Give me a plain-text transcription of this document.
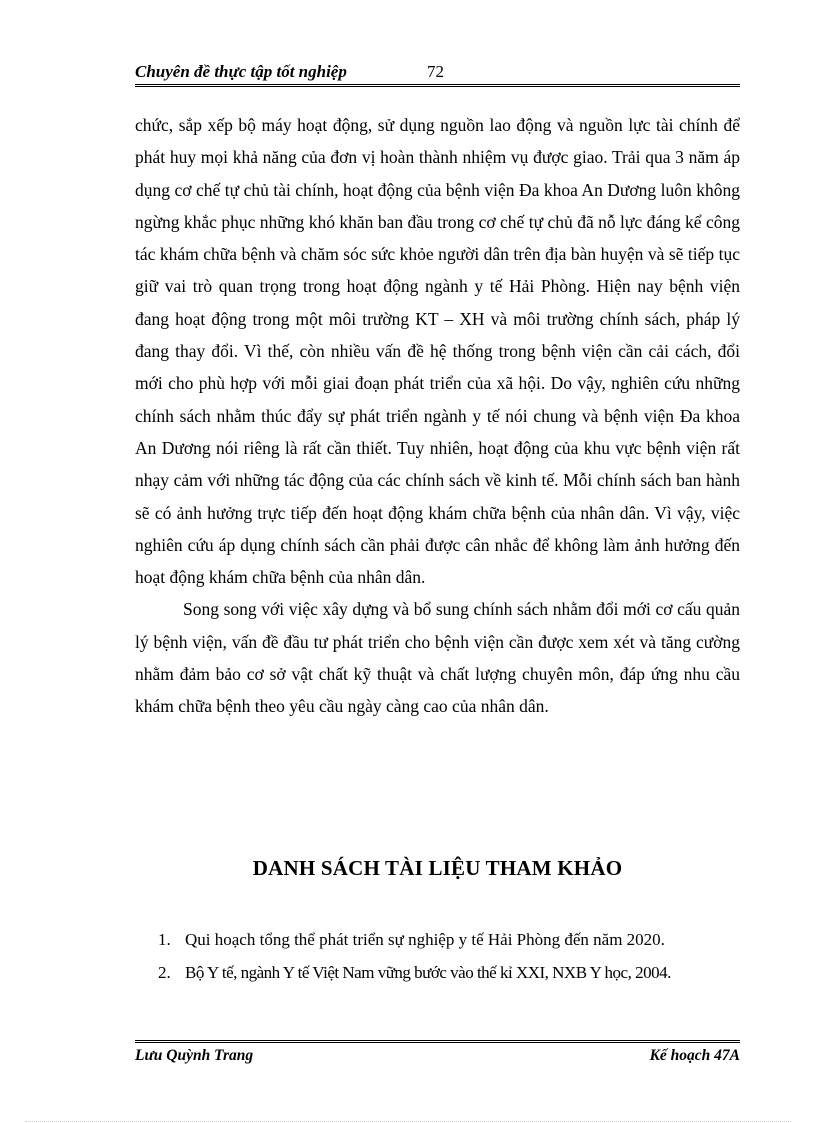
Chuyên đề thực tập tốt nghiệp	72

chức, sắp xếp bộ máy hoạt động, sử dụng nguồn lao động và nguồn lực tài chính để phát huy mọi khả năng của đơn vị hoàn thành nhiệm vụ được giao. Trải qua 3 năm áp dụng cơ chế tự chủ tài chính, hoạt động của bệnh viện Đa khoa An Dương luôn không ngừng khắc phục những khó khăn ban đầu trong cơ chế tự chủ đã nỗ lực đáng kể công tác khám chữa bệnh và chăm sóc sức khỏe người dân trên địa bàn huyện và sẽ tiếp tục giữ vai trò quan trọng trong hoạt động ngành y tế Hải Phòng. Hiện nay bệnh viện đang hoạt động trong một môi trường KT – XH và môi trường chính sách, pháp lý đang thay đổi. Vì thế, còn nhiều vấn đề hệ thống trong bệnh viện cần cải cách, đổi mới cho phù hợp với mỗi giai đoạn phát triển của xã hội. Do vậy, nghiên cứu những chính sách nhằm thúc đẩy sự phát triển ngành y tế nói chung và bệnh viện Đa khoa An Dương nói riêng là rất cần thiết. Tuy nhiên, hoạt động của khu vực bệnh viện rất nhạy cảm với những tác động của các chính sách về kinh tế. Mỗi chính sách ban hành sẽ có ảnh hưởng trực tiếp đến hoạt động khám chữa bệnh của nhân dân. Vì vậy, việc nghiên cứu áp dụng chính sách cần phải được cân nhắc để không làm ảnh hưởng đến hoạt động khám chữa bệnh của nhân dân.

Song song với việc xây dựng và bổ sung chính sách nhằm đổi mới cơ cấu quản lý bệnh viện, vấn đề đầu tư phát triển cho bệnh viện cần được xem xét và tăng cường nhằm đảm bảo cơ sở vật chất kỹ thuật và chất lượng chuyên môn, đáp ứng nhu cầu khám chữa bệnh theo yêu cầu ngày càng cao của nhân dân.

DANH SÁCH TÀI LIỆU THAM KHẢO
1. Qui hoạch tổng thể phát triển sự nghiệp y tế Hải Phòng đến năm 2020.
2. Bộ Y tế, ngành Y tế Việt Nam vững bước vào thế kỉ XXI, NXB Y học, 2004.
Lưu Quỳnh Trang	Kế hoạch 47A
